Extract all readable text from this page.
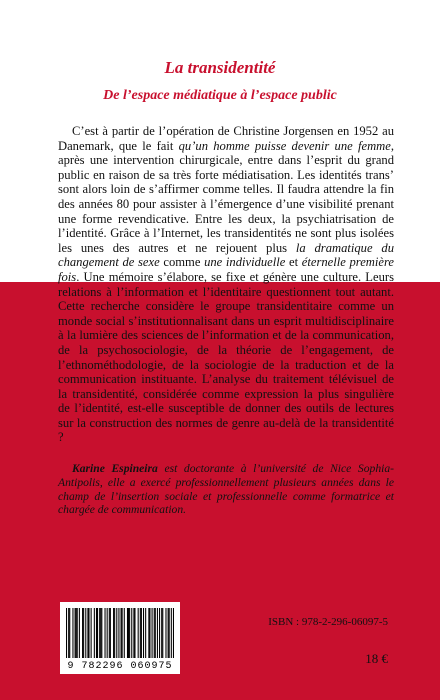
La transidentité
De l’espace médiatique à l’espace public

C’est à partir de l’opération de Christine Jorgensen en 1952 au Danemark, que le fait qu’un homme puisse devenir une femme, après une intervention chirurgicale, entre dans l’esprit du grand public en raison de sa très forte médiatisation. Les identités trans’ sont alors loin de s’affirmer comme telles. Il faudra attendre la fin des années 80 pour assister à l’émergence d’une visibilité prenant une forme revendicative. Entre les deux, la psychiatrisation de l’identité. Grâce à l’Internet, les transidentités ne sont plus isolées les unes des autres et ne rejouent plus la dramatique du changement de sexe comme une individuelle et éternelle première fois. Une mémoire s’élabore, se fixe et génère une culture. Leurs relations à l’information et l’identitaire questionnent tout autant. Cette recherche considère le groupe transidentitaire comme un monde social s’institutionnalisant dans un esprit multidisciplinaire à la lumière des sciences de l’information et de la communication, de la psychosociologie, de la théorie de l’engagement, de l’ethnométhodologie, de la sociologie de la traduction et de la communication instituante. L’analyse du traitement télévisuel de la transidentité, considérée comme expression la plus singulière de l’identité, est-elle susceptible de donner des outils de lectures sur la construction des normes de genre au-delà de la transidentité ?

Karine Espineira est doctorante à l’université de Nice Sophia-Antipolis, elle a exercé professionnellement plusieurs années dans le champ de l’insertion sociale et professionnelle comme formatrice et chargée de communication.

9 782296 060975
ISBN : 978-2-296-06097-5
18 €
